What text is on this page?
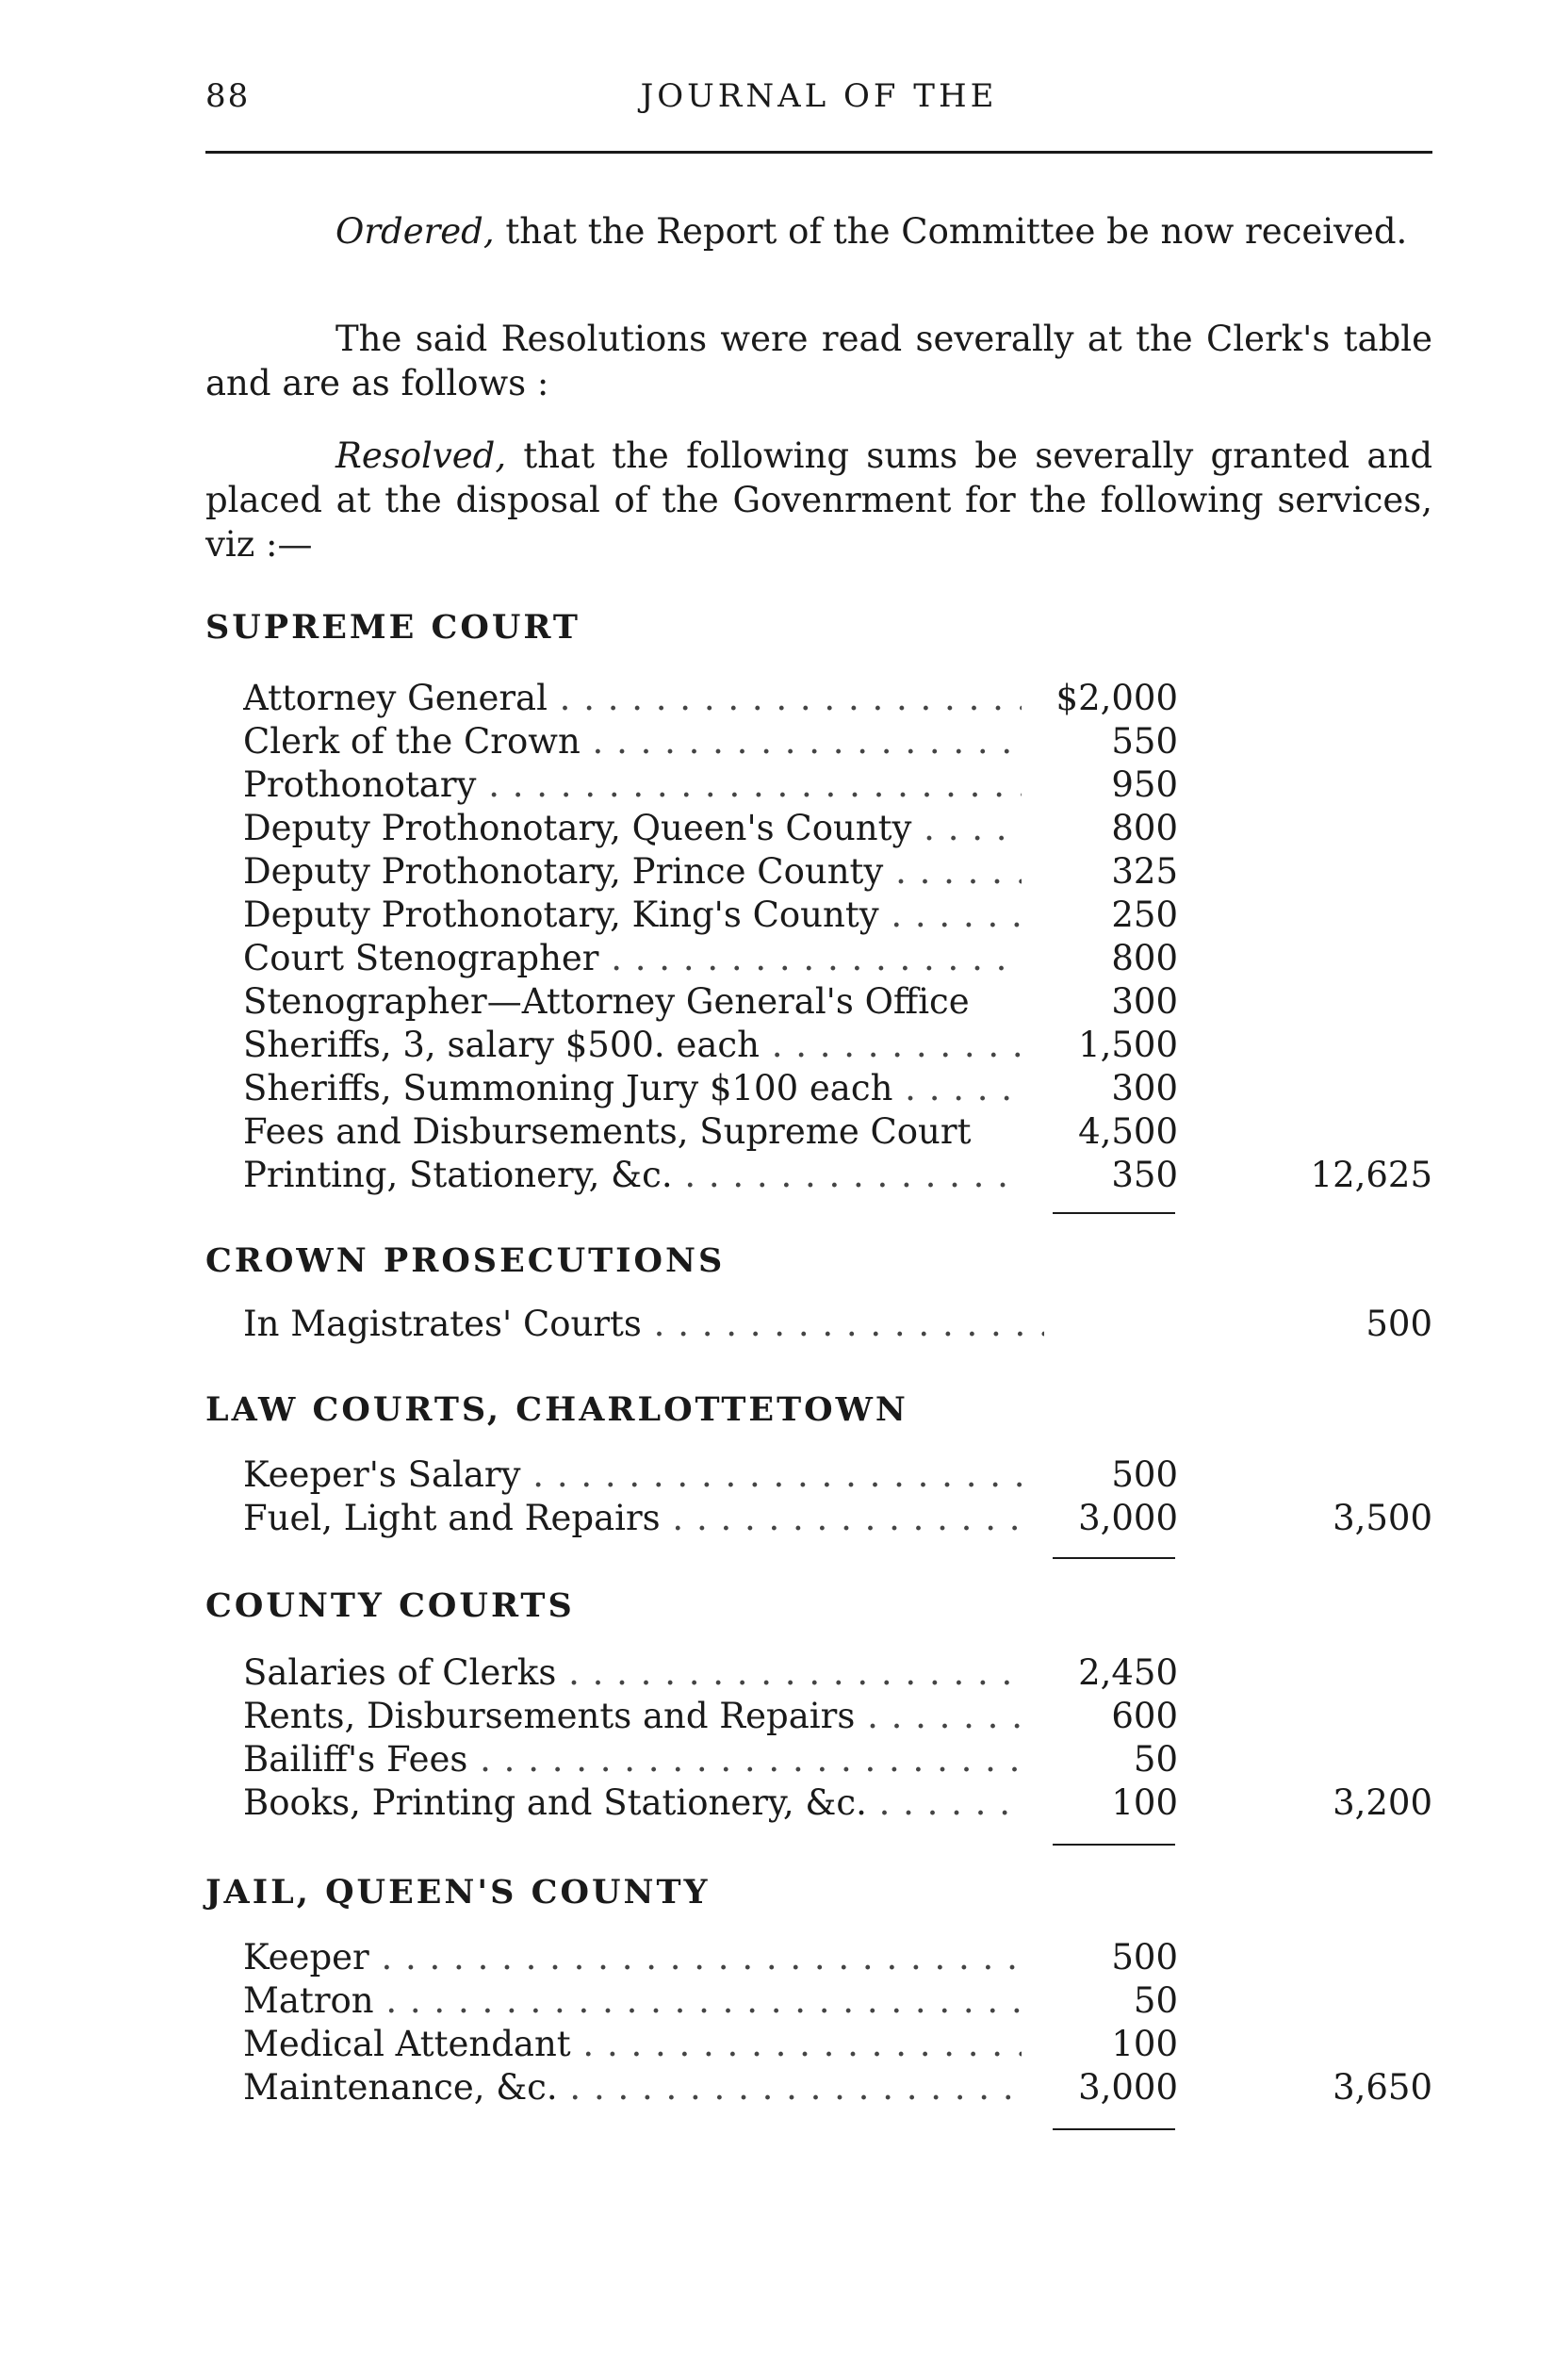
88	JOURNAL OF THE
Ordered, that the Report of the Committee be now received.
The said Resolutions were read severally at the Clerk's table and are as follows :
Resolved, that the following sums be severally granted and placed at the disposal of the Govenrment for the following services, viz :—
SUPREME COURT
Attorney General . . .	$2,000
Clerk of the Crown . . .	550
Prothonotary . . .	950
Deputy Prothonotary, Queen's County . . .	800
Deputy Prothonotary, Prince County . . .	325
Deputy Prothonotary, King's County . . .	250
Court Stenographer . . .	800
Stenographer—Attorney General's Office	300
Sheriffs, 3, salary $500. each . . .	1,500
Sheriffs, Summoning Jury $100 each . . .	300
Fees and Disbursements, Supreme Court	4,500
Printing, Stationery, &c. . . .	350	12,625
CROWN PROSECUTIONS
In Magistrates' Courts . . .	500
LAW COURTS, CHARLOTTETOWN
Keeper's Salary . . .	500
Fuel, Light and Repairs . . .	3,000	3,500
COUNTY COURTS
Salaries of Clerks . . .	2,450
Rents, Disbursements and Repairs . . .	600
Bailiff's Fees . . .	50
Books, Printing and Stationery, &c. . . .	100	3,200
JAIL, QUEEN'S COUNTY
Keeper . . .	500
Matron . . .	50
Medical Attendant . . .	100
Maintenance, &c. . . .	3,000	3,650
